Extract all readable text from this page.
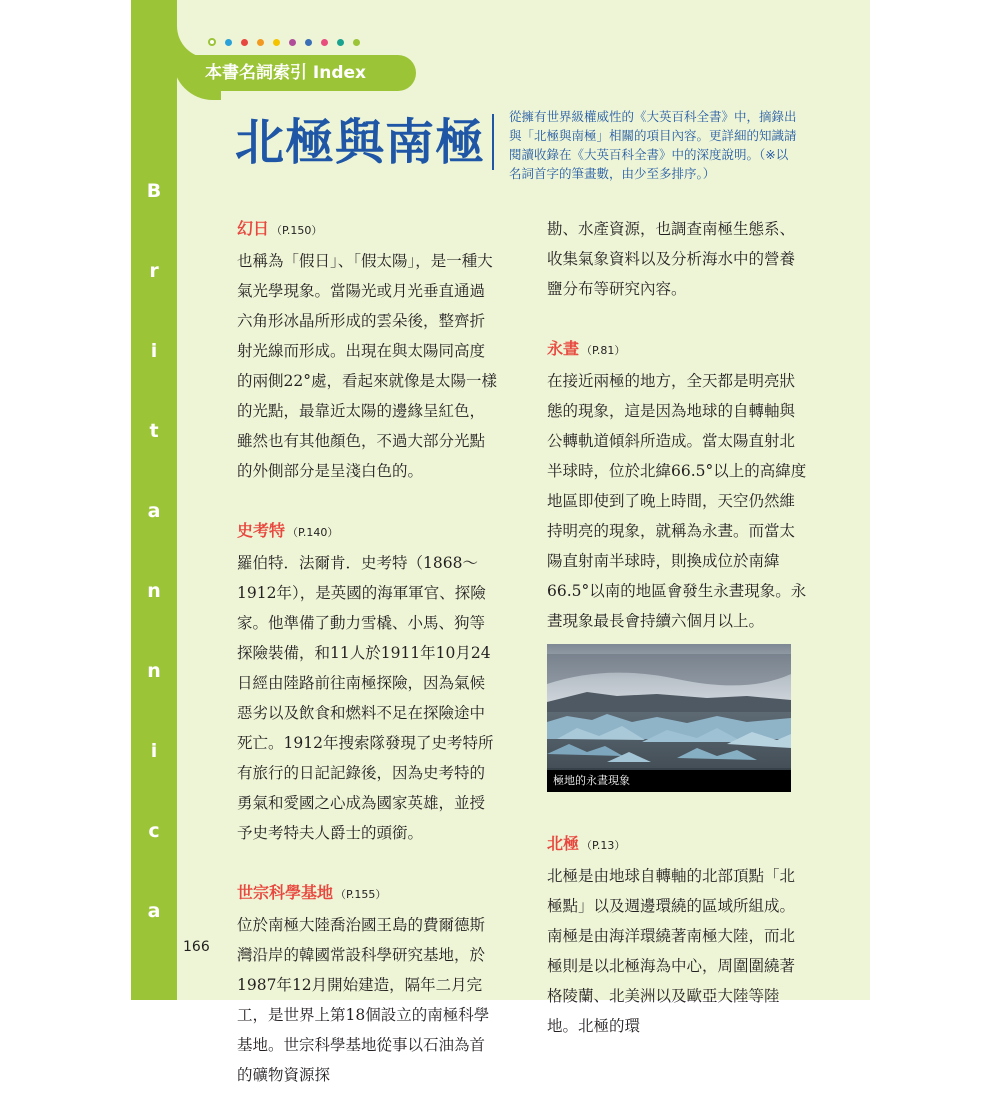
本書名詞索引 Index
B
r
i
t
a
n
n
i
c
a
北極與南極 從擁有世界級權威性的《大英百科全書》中，摘錄出與「北極與南極」相關的項目內容。更詳細的知識請閱讀收錄在《大英百科全書》中的深度說明。（※以名詞首字的筆畫數，由少至多排序。）
幻日 （P.150）
也稱為「假日」、「假太陽」，是一種大氣光學現象。當陽光或月光垂直通過六角形冰晶所形成的雲朵後，整齊折射光線而形成。出現在與太陽同高度的兩側22°處，看起來就像是太陽一樣的光點，最靠近太陽的邊緣呈紅色，雖然也有其他顏色，不過大部分光點的外側部分是呈淺白色的。
史考特 （P.140）
羅伯特．法爾肯．史考特（1868～1912年），是英國的海軍軍官、探險家。他準備了動力雪橇、小馬、狗等探險裝備，和11人於1911年10月24日經由陸路前往南極探險，因為氣候惡劣以及飲食和燃料不足在探險途中死亡。1912年搜索隊發現了史考特所有旅行的日記記錄後，因為史考特的勇氣和愛國之心成為國家英雄，並授予史考特夫人爵士的頭銜。
世宗科學基地 （P.155）
位於南極大陸喬治國王島的費爾德斯灣沿岸的韓國常設科學研究基地，於1987年12月開始建造，隔年二月完工，是世界上第18個設立的南極科學基地。世宗科學基地從事以石油為首的礦物資源探
勘、水產資源，也調查南極生態系、收集氣象資料以及分析海水中的營養鹽分布等研究內容。
永晝 （P.81）
在接近兩極的地方，全天都是明亮狀態的現象，這是因為地球的自轉軸與公轉軌道傾斜所造成。當太陽直射北半球時，位於北緯66.5°以上的高緯度地區即使到了晚上時間，天空仍然維持明亮的現象，就稱為永晝。而當太陽直射南半球時，則換成位於南緯66.5°以南的地區會發生永晝現象。永晝現象最長會持續六個月以上。
極地的永晝現象
北極 （P.13）
北極是由地球自轉軸的北部頂點「北極點」以及週邊環繞的區域所組成。南極是由海洋環繞著南極大陸，而北極則是以北極海為中心，周圍圍繞著格陵蘭、北美洲以及歐亞大陸等陸地。北極的環
166
